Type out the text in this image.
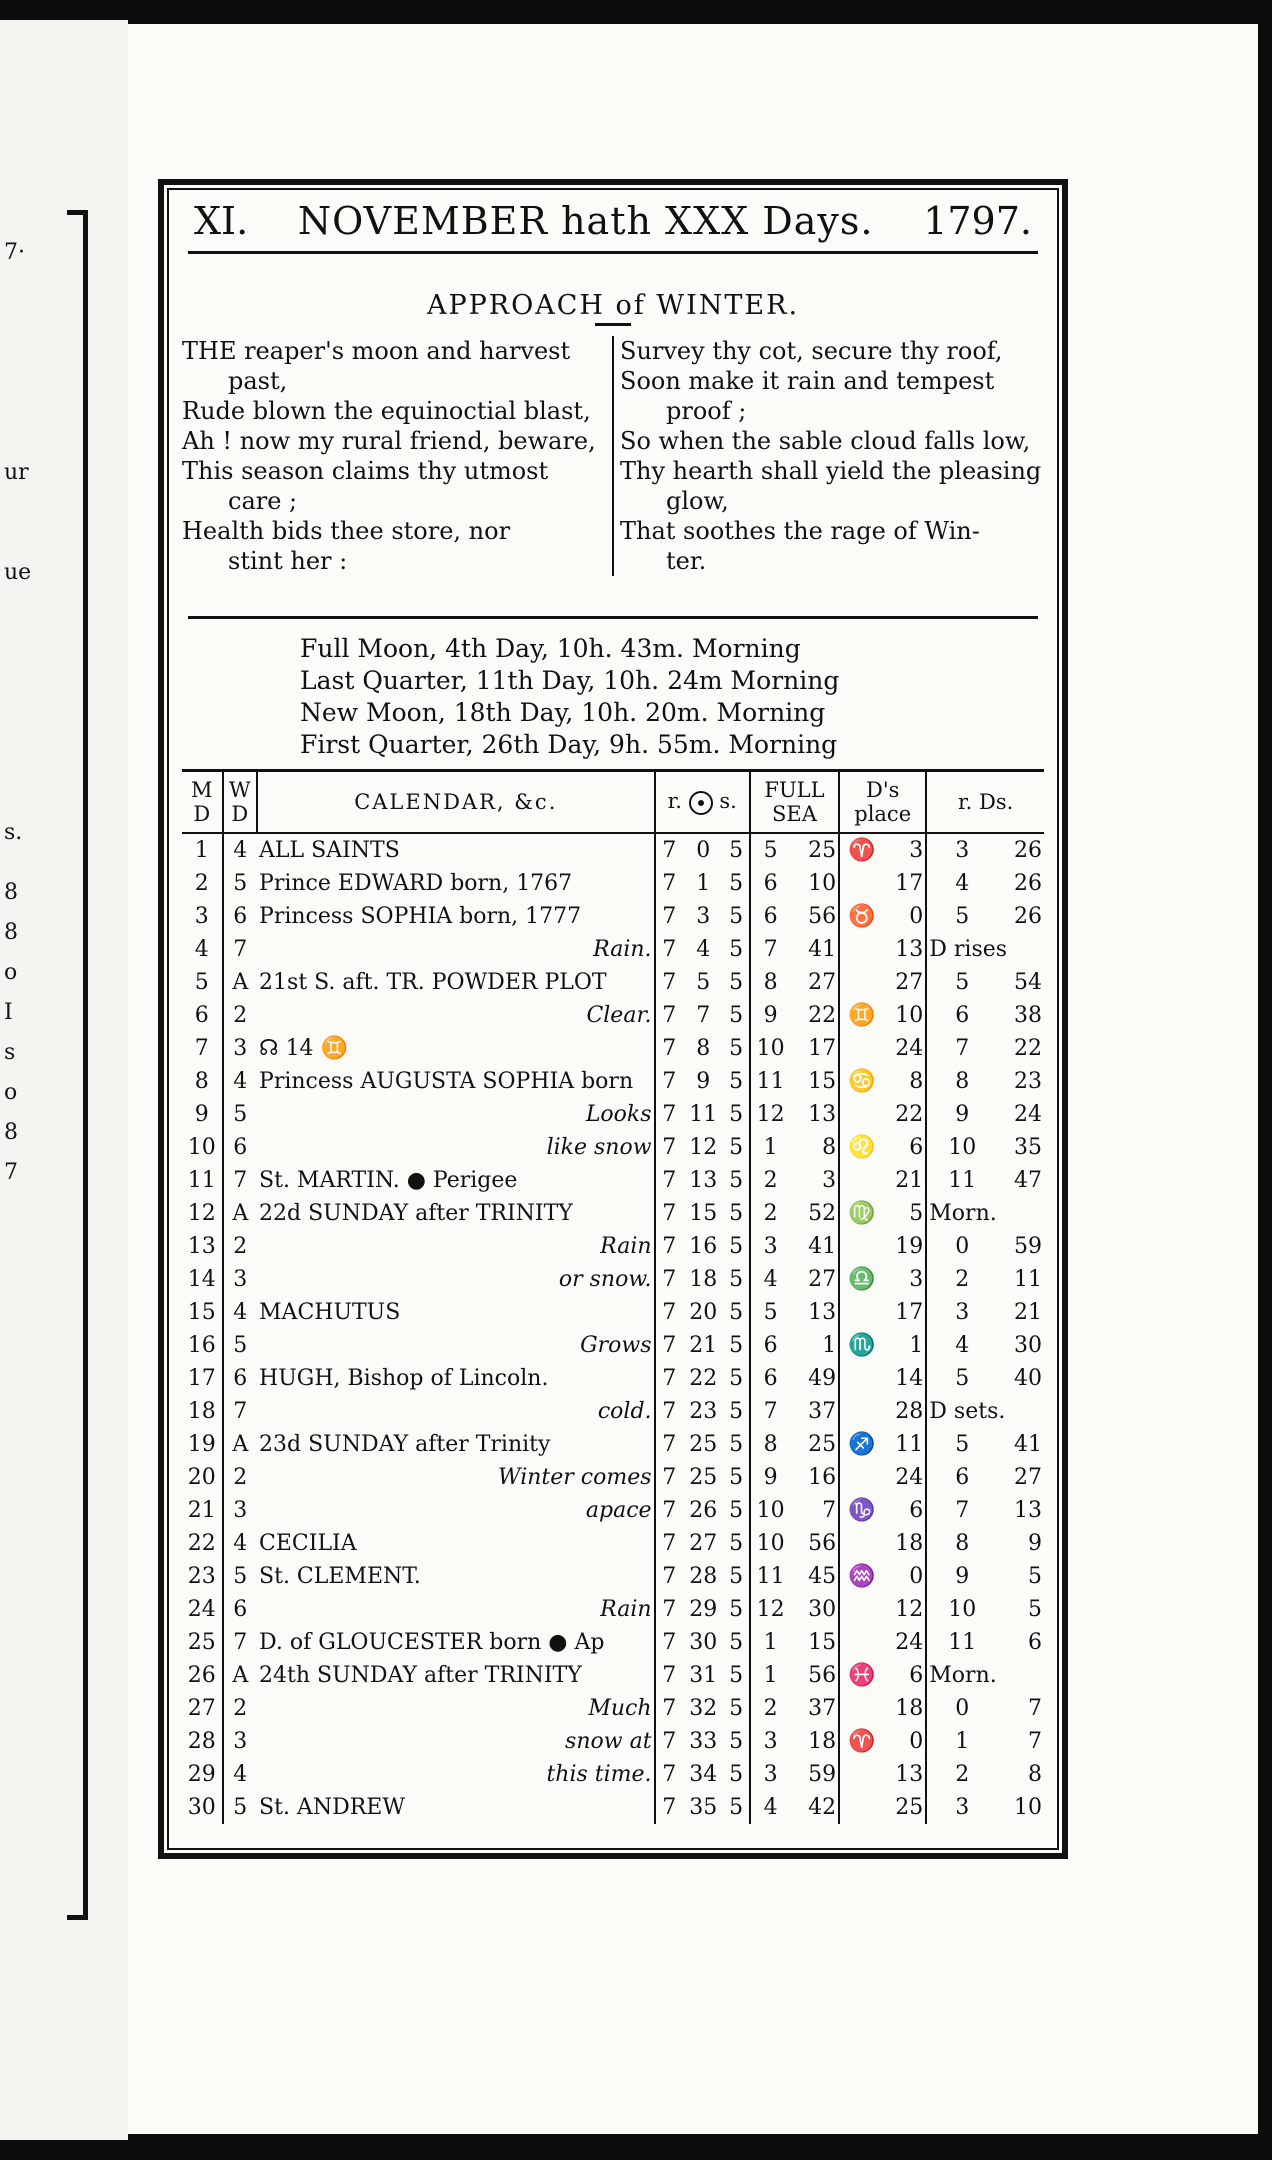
7·
ur
ue
s.
8
8
o
I
s
o
8
7
XI. NOVEMBER hath XXX Days. 1797.
APPROACH of WINTER.
THE reaper's moon and harvest
past,
Rude blown the equinoctial blast,
Ah ! now my rural friend, beware,
This season claims thy utmost
care ;
Health bids thee store, nor
stint her :
Survey thy cot, secure thy roof,
Soon make it rain and tempest
proof ;
So when the sable cloud falls low,
Thy hearth shall yield the pleasing
glow,
That soothes the rage of Win-
ter.
Full Moon, 4th Day, 10h. 43m. Morning
Last Quarter, 11th Day, 10h. 24m Morning
New Moon, 18th Day, 10h. 20m. Morning
First Quarter, 26th Day, 9h. 55m. Morning
M D	W D	CALENDAR, &c.		r. s.			FULL SEA		D's place		r. Ds.	
1	4	ALL SAINTS		7	0	5	5	25	♈	3	3	26
2	5	Prince EDWARD born, 1767		7	1	5	6	10		17	4	26
3	6	Princess SOPHIA born, 1777		7	3	5	6	56	♉	0	5	26
4	7		Rain.	7	4	5	7	41		13	D rises	
5	A	21st S. aft. TR. POWDER PLOT		7	5	5	8	27		27	5	54
6	2		Clear.	7	7	5	9	22	♊	10	6	38
7	3	☊ 14 ♊		7	8	5	10	17		24	7	22
8	4	Princess AUGUSTA SOPHIA born		7	9	5	11	15	♋	8	8	23
9	5		Looks	7	11	5	12	13		22	9	24
10	6		like snow	7	12	5	1	8	♌	6	10	35
11	7	St. MARTIN. ● Perigee		7	13	5	2	3		21	11	47
12	A	22d SUNDAY after TRINITY		7	15	5	2	52	♍	5	Morn.	
13	2		Rain	7	16	5	3	41		19	0	59
14	3		or snow.	7	18	5	4	27	♎	3	2	11
15	4	MACHUTUS		7	20	5	5	13		17	3	21
16	5		Grows	7	21	5	6	1	♏	1	4	30
17	6	HUGH, Bishop of Lincoln.		7	22	5	6	49		14	5	40
18	7		cold.	7	23	5	7	37		28	D sets.	
19	A	23d SUNDAY after Trinity		7	25	5	8	25	♐	11	5	41
20	2		Winter comes	7	25	5	9	16		24	6	27
21	3		apace	7	26	5	10	7	♑	6	7	13
22	4	CECILIA		7	27	5	10	56		18	8	9
23	5	St. CLEMENT.		7	28	5	11	45	♒	0	9	5
24	6		Rain	7	29	5	12	30		12	10	5
25	7	D. of GLOUCESTER born ● Ap		7	30	5	1	15		24	11	6
26	A	24th SUNDAY after TRINITY		7	31	5	1	56	♓	6	Morn.	
27	2		Much	7	32	5	2	37		18	0	7
28	3		snow at	7	33	5	3	18	♈	0	1	7
29	4		this time.	7	34	5	3	59		13	2	8
30	5	St. ANDREW		7	35	5	4	42		25	3	10
